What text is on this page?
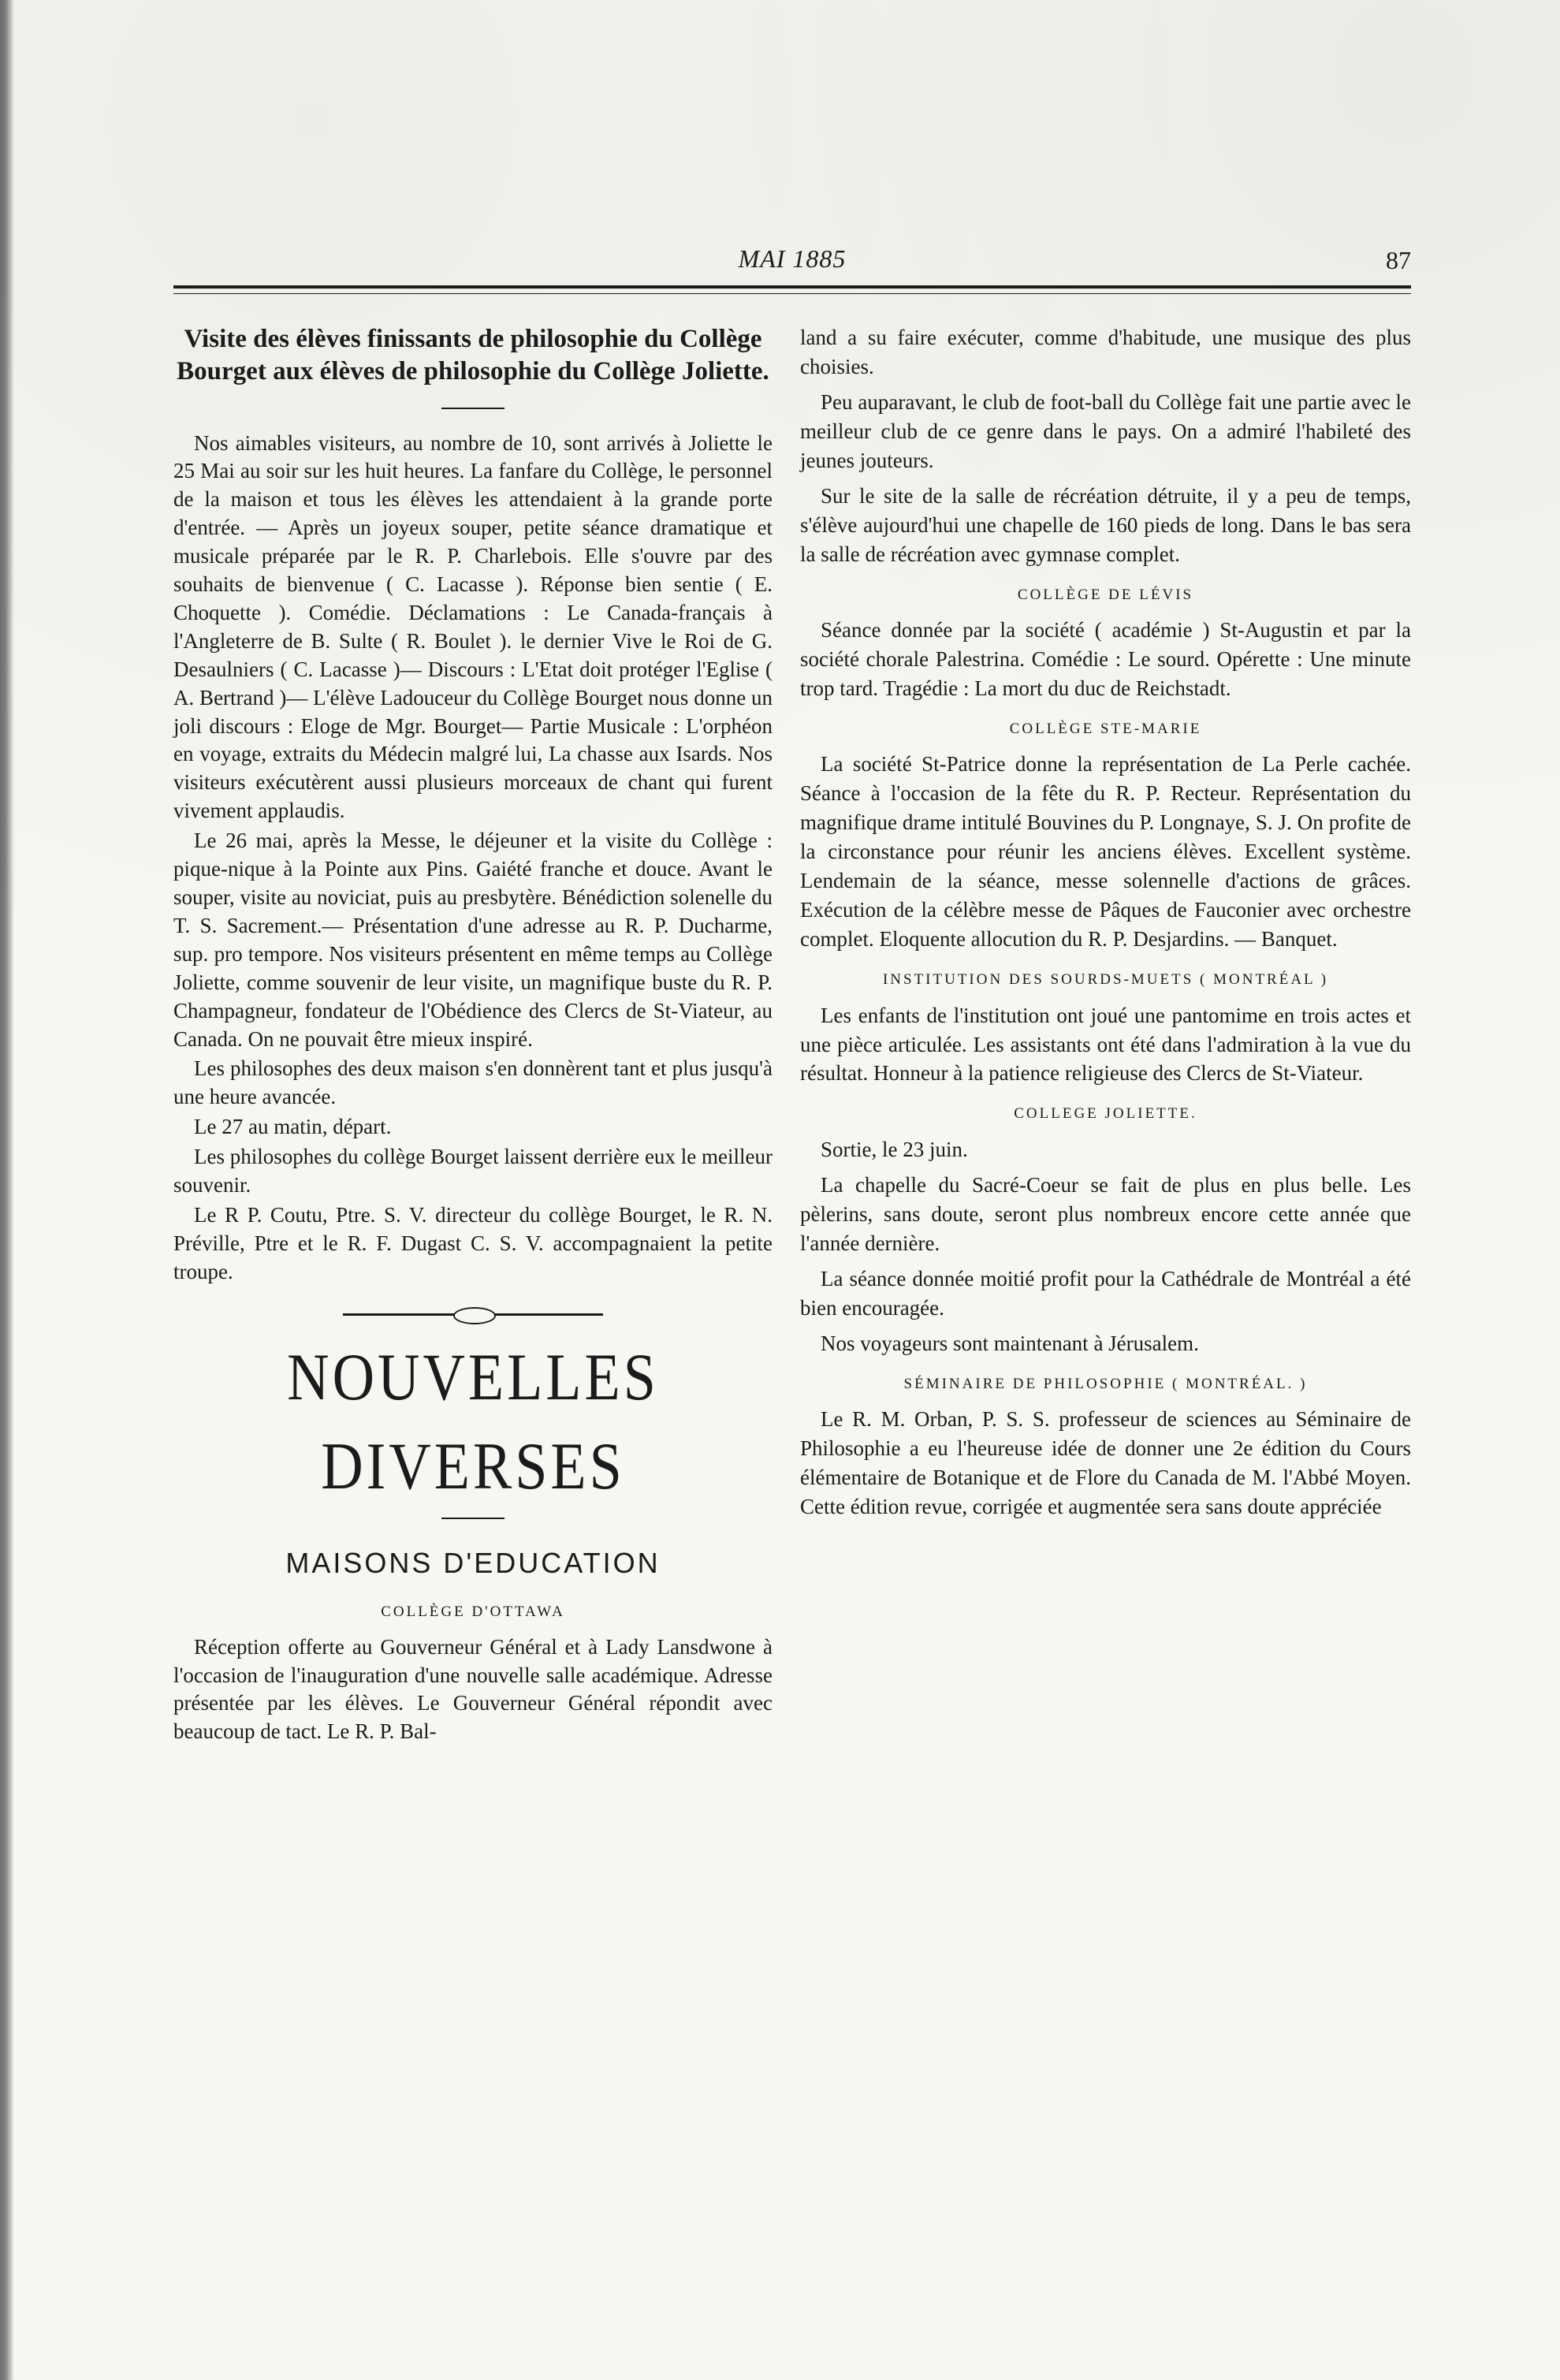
MAI 1885	87
Visite des élèves finissants de philosophie du Collège Bourget aux élèves de philosophie du Collège Joliette.

Nos aimables visiteurs, au nombre de 10, sont arrivés à Joliette le 25 Mai au soir sur les huit heures. La fanfare du Collège, le personnel de la maison et tous les élèves les attendaient à la grande porte d'entrée. — Après un joyeux souper, petite séance dramatique et musicale préparée par le R. P. Charlebois. Elle s'ouvre par des souhaits de bienvenue ( C. Lacasse ). Réponse bien sentie ( E. Choquette ). Comédie. Déclamations : Le Canada-français à l'Angleterre de B. Sulte ( R. Boulet ). le dernier Vive le Roi de G. Desaulniers ( C. Lacasse )— Discours : L'Etat doit protéger l'Eglise ( A. Bertrand )— L'élève Ladouceur du Collège Bourget nous donne un joli discours : Eloge de Mgr. Bourget— Partie Musicale : L'orphéon en voyage, extraits du Médecin malgré lui, La chasse aux Isards. Nos visiteurs exécutèrent aussi plusieurs morceaux de chant qui furent vivement applaudis.

Le 26 mai, après la Messe, le déjeuner et la visite du Collège : pique-nique à la Pointe aux Pins. Gaiété franche et douce. Avant le souper, visite au noviciat, puis au presbytère. Bénédiction solenelle du T. S. Sacrement.— Présentation d'une adresse au R. P. Ducharme, sup. pro tempore. Nos visiteurs présentent en même temps au Collège Joliette, comme souvenir de leur visite, un magnifique buste du R. P. Champagneur, fondateur de l'Obédience des Clercs de St-Viateur, au Canada. On ne pouvait être mieux inspiré.

Les philosophes des deux maison s'en donnèrent tant et plus jusqu'à une heure avancée.

Le 27 au matin, départ.

Les philosophes du collège Bourget laissent derrière eux le meilleur souvenir.

Le R P. Coutu, Ptre. S. V. directeur du collège Bourget, le R. N. Préville, Ptre et le R. F. Dugast C. S. V. accompagnaient la petite troupe.

NOUVELLES DIVERSES
MAISONS D'EDUCATION
COLLÈGE D'OTTAWA

Réception offerte au Gouverneur Général et à Lady Lansdwone à l'occasion de l'inauguration d'une nouvelle salle académique. Adresse présentée par les élèves. Le Gouverneur Général répondit avec beaucoup de tact. Le R. P. Bal-

land a su faire exécuter, comme d'habitude, une musique des plus choisies.

Peu auparavant, le club de foot-ball du Collège fait une partie avec le meilleur club de ce genre dans le pays. On a admiré l'habileté des jeunes jouteurs.

Sur le site de la salle de récréation détruite, il y a peu de temps, s'élève aujourd'hui une chapelle de 160 pieds de long. Dans le bas sera la salle de récréation avec gymnase complet.

COLLÈGE DE LÉVIS

Séance donnée par la société ( académie ) St-Augustin et par la société chorale Palestrina. Comédie : Le sourd. Opérette : Une minute trop tard. Tragédie : La mort du duc de Reichstadt.

COLLÈGE STE-MARIE

La société St-Patrice donne la représentation de La Perle cachée. Séance à l'occasion de la fête du R. P. Recteur. Représentation du magnifique drame intitulé Bouvines du P. Longnaye, S. J. On profite de la circonstance pour réunir les anciens élèves. Excellent système. Lendemain de la séance, messe solennelle d'actions de grâces. Exécution de la célèbre messe de Pâques de Fauconier avec orchestre complet. Eloquente allocution du R. P. Desjardins. — Banquet.

INSTITUTION DES SOURDS-MUETS ( MONTRÉAL )

Les enfants de l'institution ont joué une pantomime en trois actes et une pièce articulée. Les assistants ont été dans l'admiration à la vue du résultat. Honneur à la patience religieuse des Clercs de St-Viateur.

COLLEGE JOLIETTE.

Sortie, le 23 juin.

La chapelle du Sacré-Coeur se fait de plus en plus belle. Les pèlerins, sans doute, seront plus nombreux encore cette année que l'année dernière.

La séance donnée moitié profit pour la Cathédrale de Montréal a été bien encouragée.

Nos voyageurs sont maintenant à Jérusalem.

SÉMINAIRE DE PHILOSOPHIE ( MONTRÉAL. )

Le R. M. Orban, P. S. S. professeur de sciences au Séminaire de Philosophie a eu l'heureuse idée de donner une 2e édition du Cours élémentaire de Botanique et de Flore du Canada de M. l'Abbé Moyen. Cette édition revue, corrigée et augmentée sera sans doute appréciée
